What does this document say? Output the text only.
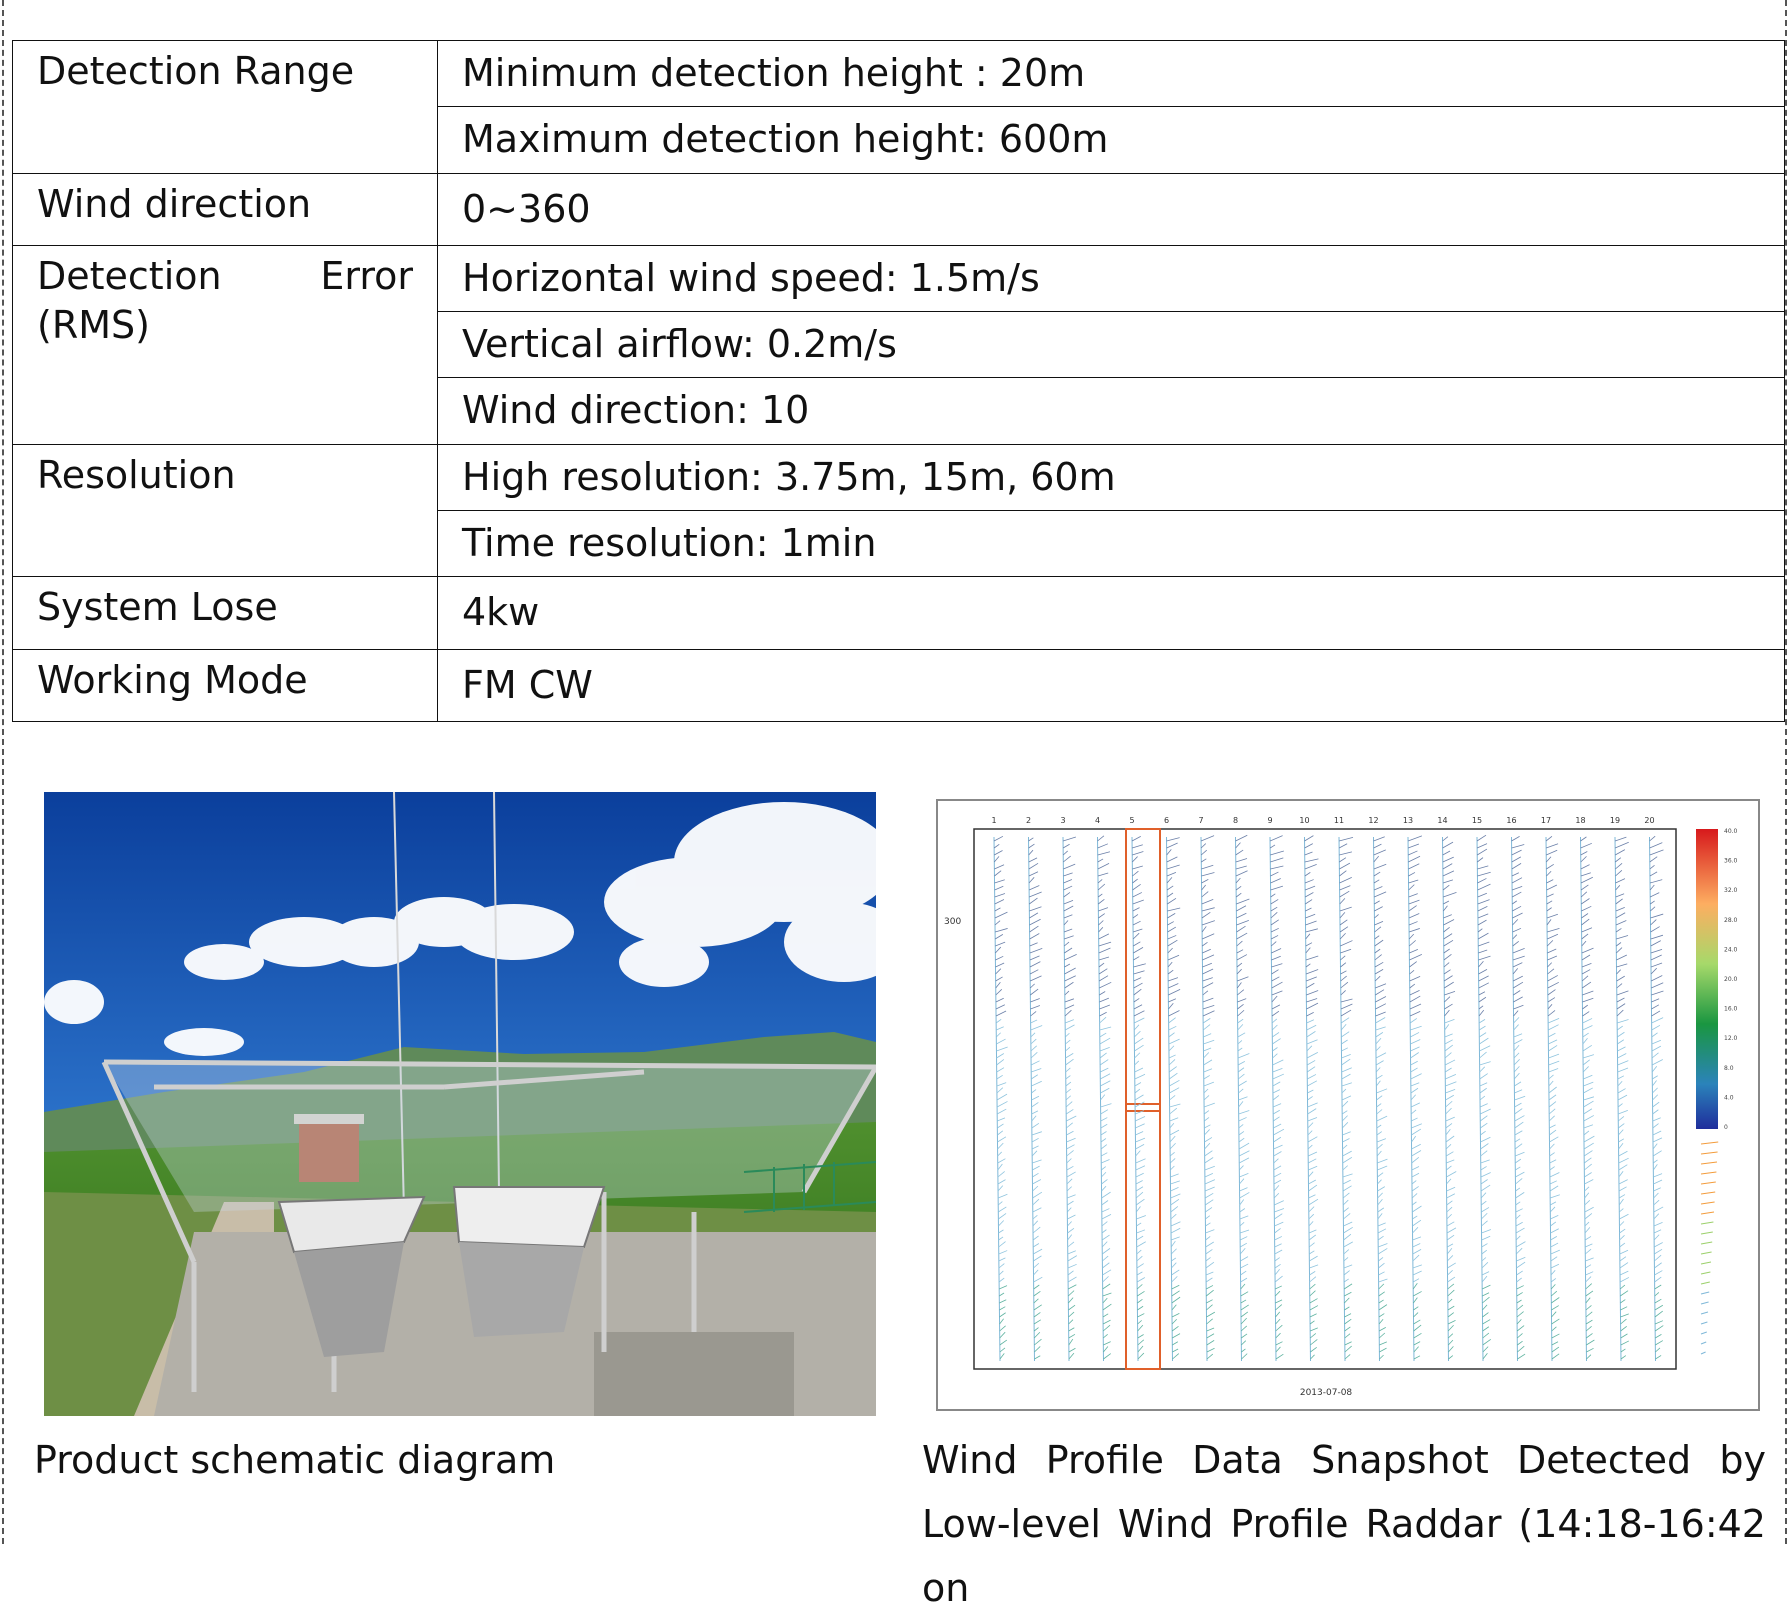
Detection Range	Minimum detection height : 20m
	Maximum detection height: 600m
Wind direction	0~360

Detection Error
(RMS)	Horizontal wind speed: 1.5m/s
	Vertical airflow: 0.2m/s
	Wind direction: 10
Resolution	High resolution: 3.75m, 15m, 60m
	Time resolution: 1min
System Lose	4kw
Working Mode	FM CW
1	2	3	4	5	6	7	8	9	10	11	12	13	14	15	16	17	18	19	20
300
2013-07-08
40.0
36.0
32.0
28.0
24.0
20.0
16.0
12.0
8.0
4.0
0
Product schematic diagram	Wind Profile Data Snapshot Detected by
Low-level Wind Profile Raddar (14:18-16:42 on
